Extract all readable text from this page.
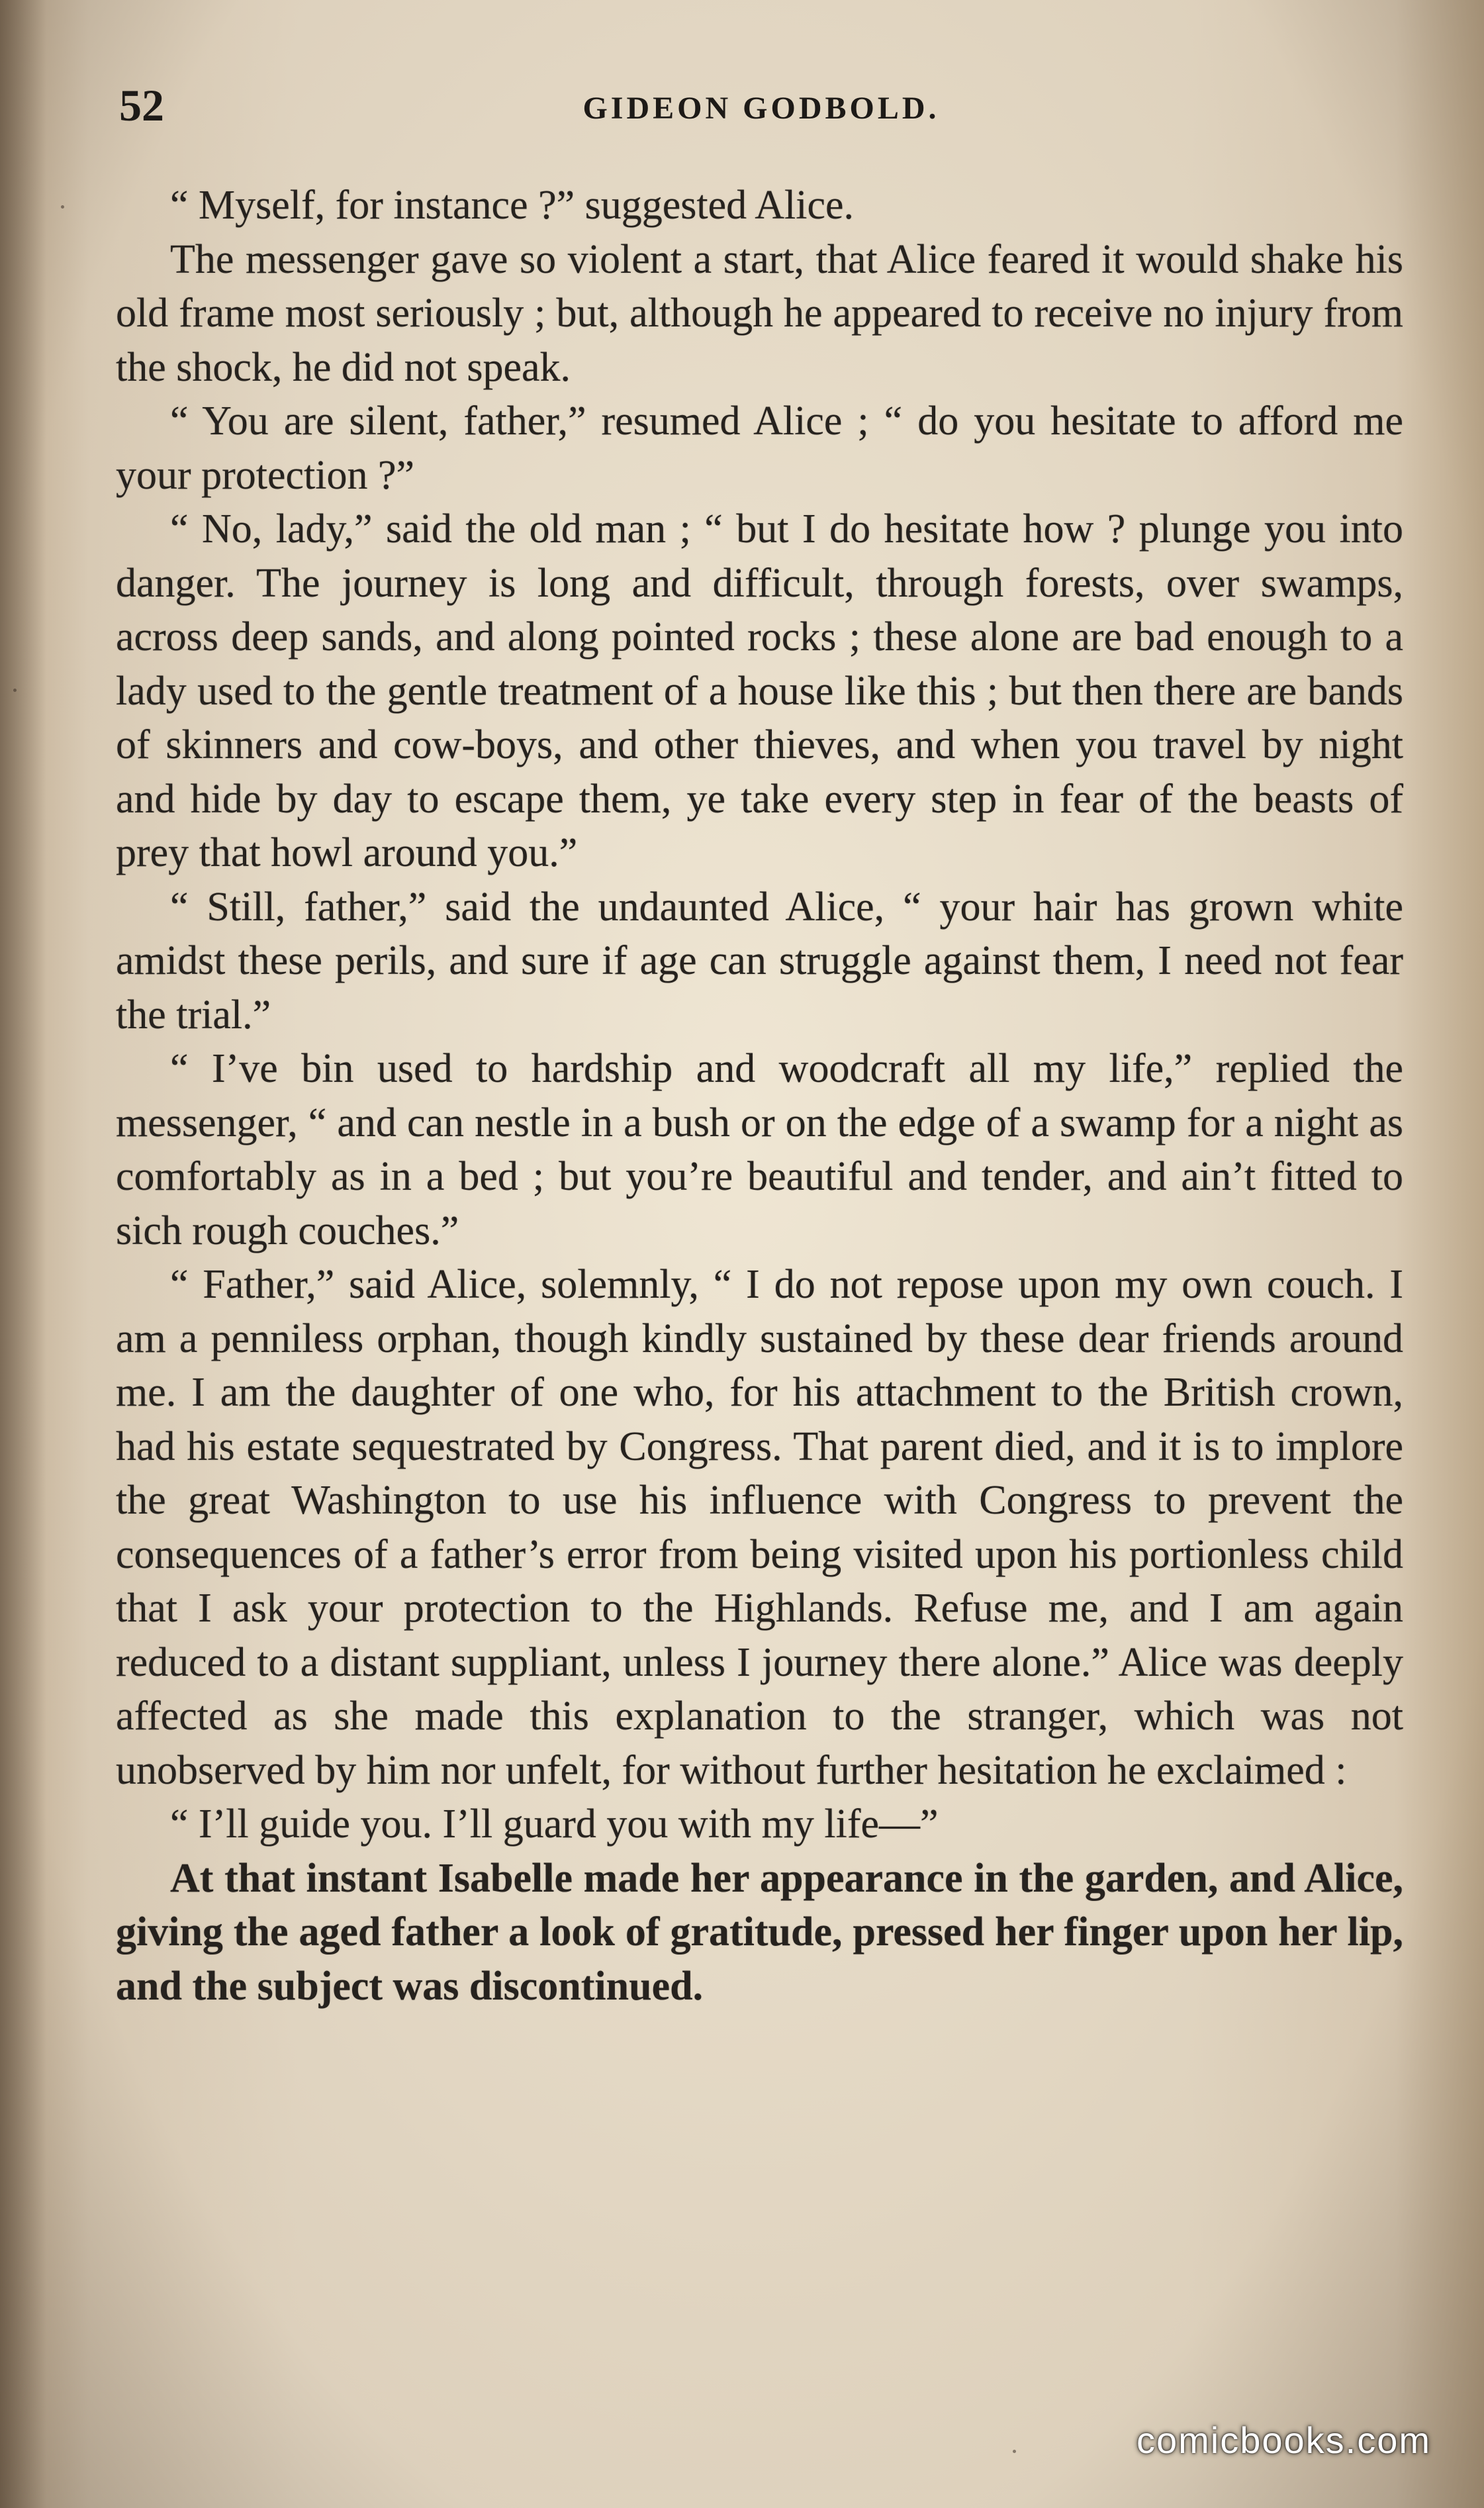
52	GIDEON GODBOLD.

“ Myself, for instance ?” suggested Alice.

The messenger gave so violent a start, that Alice feared it would shake his old frame most seriously ; but, although he appeared to receive no injury from the shock, he did not speak.

“ You are silent, father,” resumed Alice ; “ do you hesitate to afford me your protection ?”

“ No, lady,” said the old man ; “ but I do hesitate how ? plunge you into danger. The journey is long and difficult, through forests, over swamps, across deep sands, and along pointed rocks ; these alone are bad enough to a lady used to the gentle treatment of a house like this ; but then there are bands of skinners and cow-boys, and other thieves, and when you travel by night and hide by day to escape them, ye take every step in fear of the beasts of prey that howl around you.”

“ Still, father,” said the undaunted Alice, “ your hair has grown white amidst these perils, and sure if age can struggle against them, I need not fear the trial.”

“ I’ve bin used to hardship and woodcraft all my life,” replied the messenger, “ and can nestle in a bush or on the edge of a swamp for a night as comfortably as in a bed ; but you’re beautiful and tender, and ain’t fitted to sich rough couches.”

“ Father,” said Alice, solemnly, “ I do not repose upon my own couch. I am a penniless orphan, though kindly sustained by these dear friends around me. I am the daughter of one who, for his attachment to the British crown, had his estate sequestrated by Congress. That parent died, and it is to implore the great Washington to use his influence with Congress to prevent the consequences of a father’s error from being visited upon his portionless child that I ask your protection to the Highlands. Refuse me, and I am again reduced to a distant suppliant, unless I journey there alone.” Alice was deeply affected as she made this explanation to the stranger, which was not unobserved by him nor unfelt, for without further hesitation he exclaimed :

“ I’ll guide you. I’ll guard you with my life—”

At that instant Isabelle made her appearance in the garden, and Alice, giving the aged father a look of gratitude, pressed her finger upon her lip, and the subject was discontinued.

comicbooks.com
